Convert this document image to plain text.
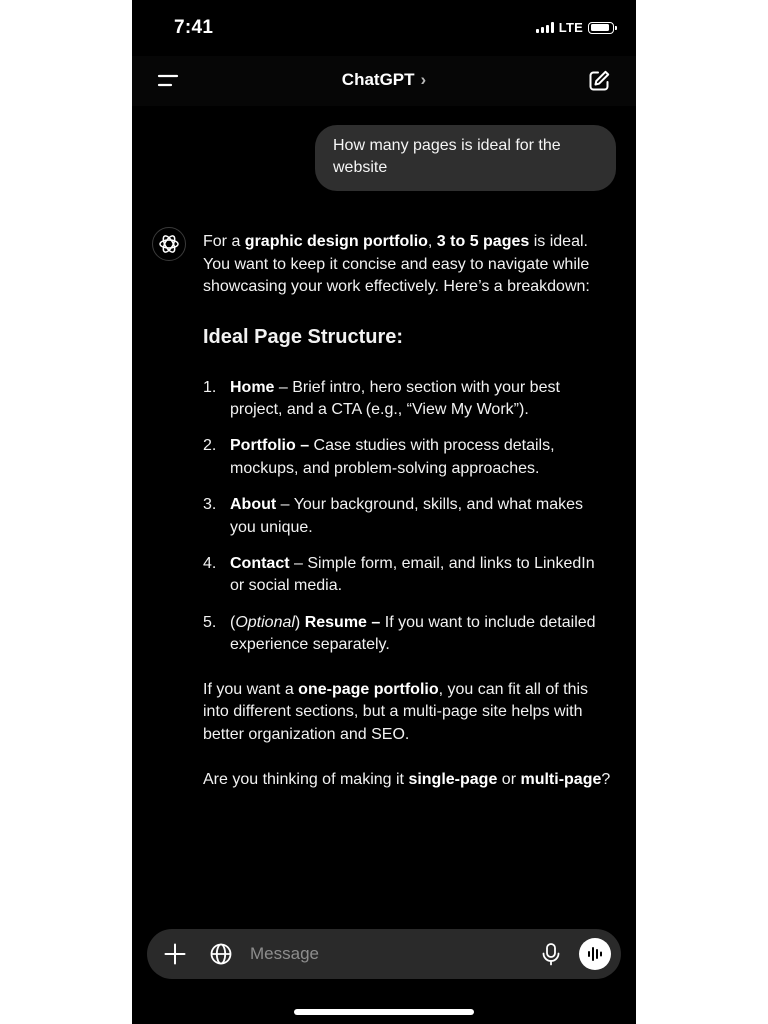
7:41	LTE
ChatGPT ›
How many pages is ideal for the website

For a graphic design portfolio, 3 to 5 pages is ideal. You want to keep it concise and easy to navigate while showcasing your work effectively. Here’s a breakdown:

Ideal Page Structure:
1. Home – Brief intro, hero section with your best project, and a CTA (e.g., “View My Work”).
2. Portfolio – Case studies with process details, mockups, and problem-solving approaches.
3. About – Your background, skills, and what makes you unique.
4. Contact – Simple form, email, and links to LinkedIn or social media.
5. (Optional) Resume – If you want to include detailed experience separately.

If you want a one-page portfolio, you can fit all of this into different sections, but a multi-page site helps with better organization and SEO.

Are you thinking of making it single-page or multi-page?

Message
